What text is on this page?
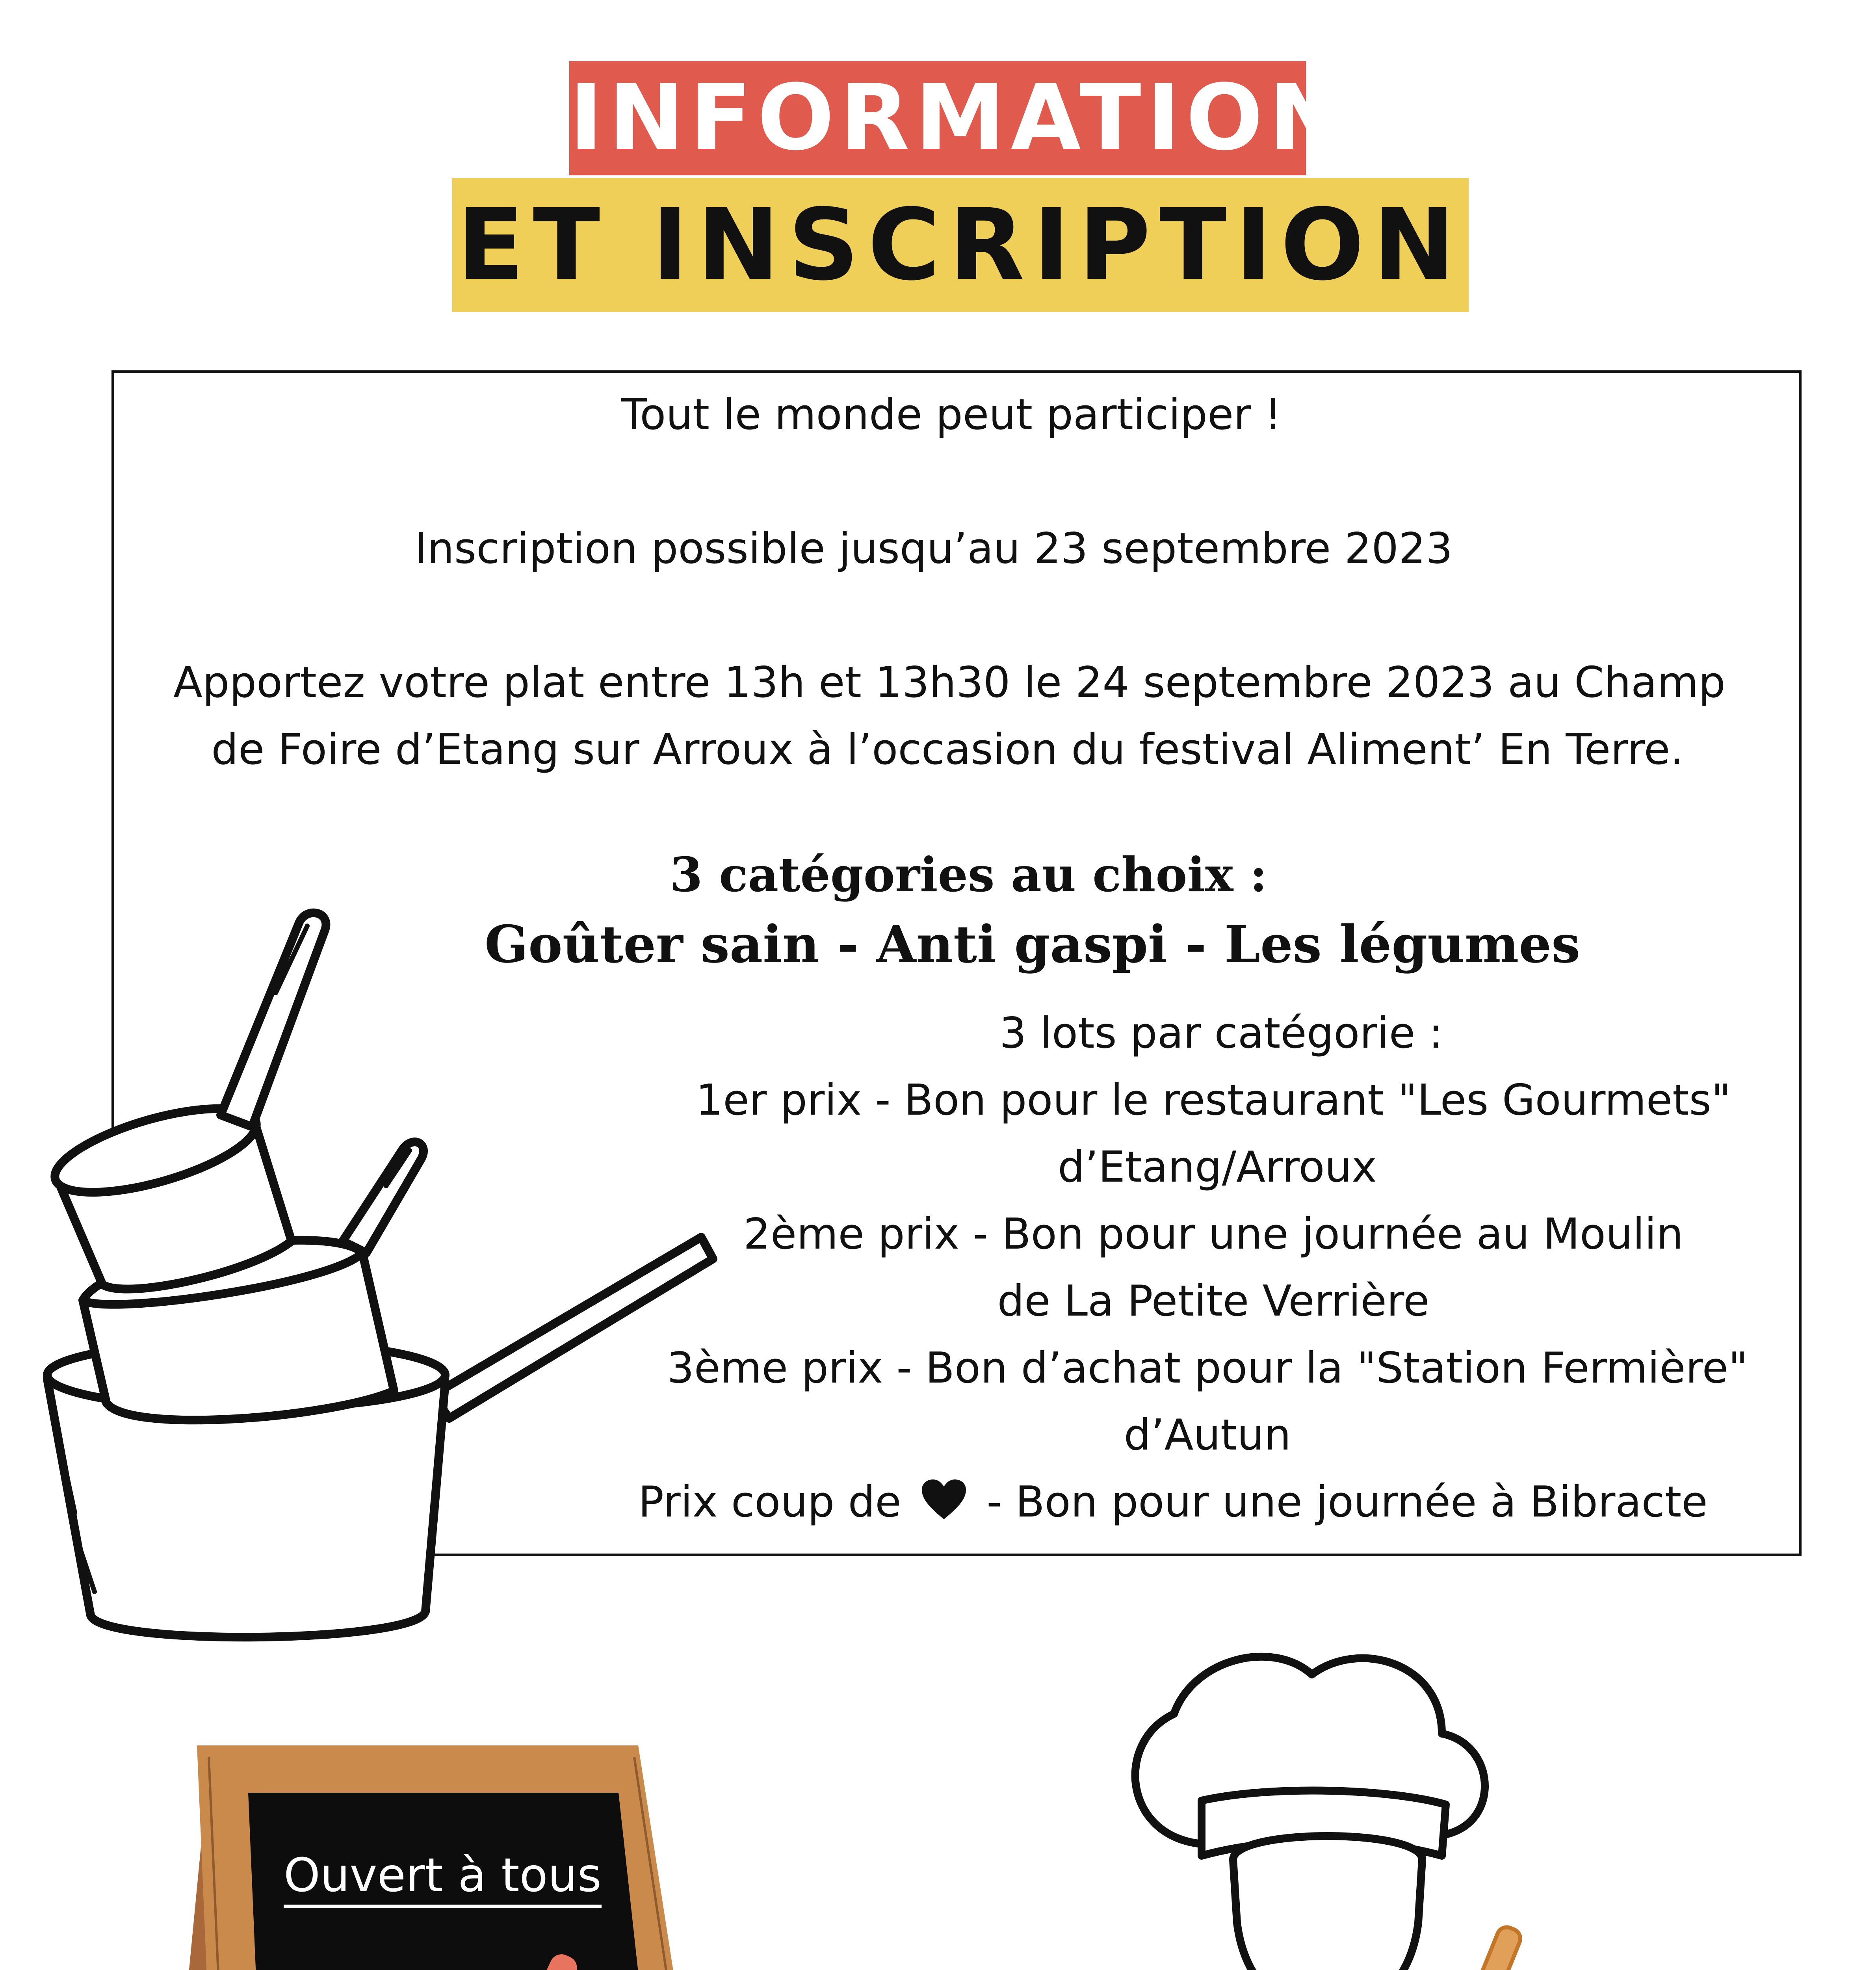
INFORMATIONS
ET INSCRIPTION
Tout le monde peut participer !
Inscription possible jusqu’au 23 septembre 2023
Apportez votre plat entre 13h et 13h30 le 24 septembre 2023 au Champ
de Foire d’Etang sur Arroux à l’occasion du festival Aliment’ En Terre.
3 catégories au choix :
Goûter sain - Anti gaspi - Les légumes
3 lots par catégorie :
1er prix - Bon pour le restaurant "Les Gourmets"
d’Etang/Arroux
2ème prix - Bon pour une journée au Moulin
de La Petite Verrière
3ème prix - Bon d’achat pour la "Station Fermière"
d’Autun
Prix coup de - Bon pour une journée à Bibracte
Ouvert à tous
